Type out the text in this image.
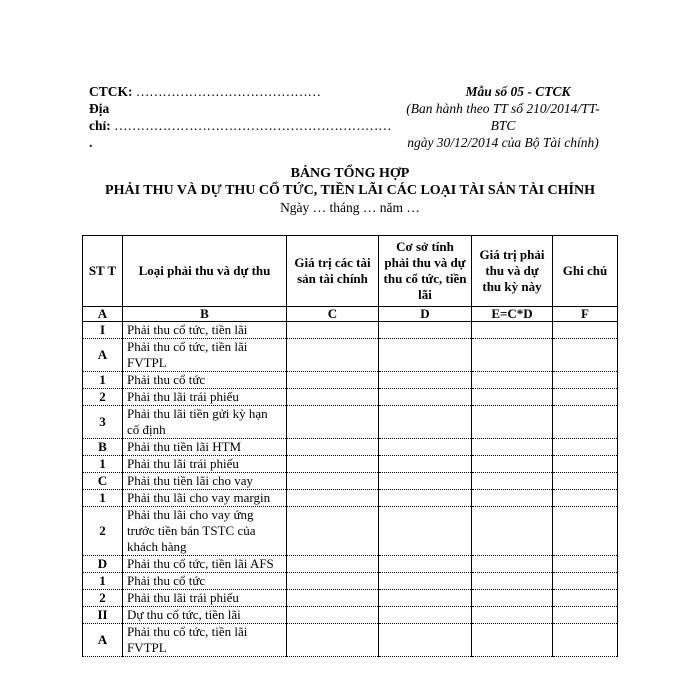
CTCK: ……………………………………
Địa
chỉ: ………………………………………………………
.
Mẫu số 05 - CTCK
(Ban hành theo TT số 210/2014/TT-
BTC
ngày 30/12/2014 của Bộ Tài chính)
BẢNG TỔNG HỢP
PHẢI THU VÀ DỰ THU CỔ TỨC, TIỀN LÃI CÁC LOẠI TÀI SẢN TÀI CHÍNH
Ngày … tháng … năm …
ST T	Loại phải thu và dự thu	Giá trị các tài sản tài chính	Cơ sở tính phải thu và dự thu cổ tức, tiền lãi	Giá trị phải thu và dự thu kỳ này	Ghi chú
A	B	C	D	E=C*D	F
I	Phải thu cổ tức, tiền lãi				
A	Phải thu cổ tức, tiền lãi FVTPL				
1	Phải thu cổ tức				
2	Phải thu lãi trái phiếu				
3	Phải thu lãi tiền gửi kỳ hạn cố định				
B	Phải thu tiền lãi HTM				
1	Phải thu lãi trái phiếu				
C	Phải thu tiền lãi cho vay				
1	Phải thu lãi cho vay margin				
2	Phải thu lãi cho vay ứng trước tiền bán TSTC của khách hàng				
D	Phải thu cổ tức, tiền lãi AFS				
1	Phải thu cổ tức				
2	Phải thu lãi trái phiếu				
II	Dự thu cổ tức, tiền lãi				
A	Phải thu cổ tức, tiền lãi FVTPL				
